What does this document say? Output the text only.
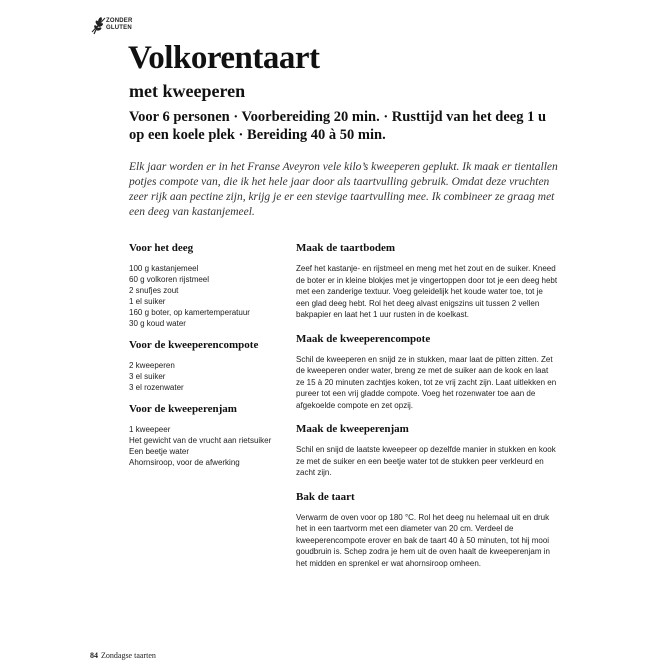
ZONDER
GLUTEN
Volkorentaart
met kweeperen
Voor 6 personen · Voorbereiding 20 min. · Rusttijd van het deeg 1 u op een koele plek · Bereiding 40 à 50 min.
Elk jaar worden er in het Franse Aveyron vele kilo’s kweeperen geplukt. Ik maak er tientallen potjes compote van, die ik het hele jaar door als taartvulling gebruik. Omdat deze vruchten zeer rijk aan pectine zijn, krijg je er een stevige taartvulling mee. Ik combineer ze graag met een deeg van kastanjemeel.
Voor het deeg
100 g kastanjemeel
60 g volkoren rijstmeel
2 snufjes zout
1 el suiker
160 g boter, op kamertemperatuur
30 g koud water
Voor de kweeperencompote
2 kweeperen
3 el suiker
3 el rozenwater
Voor de kweeperenjam
1 kweepeer
Het gewicht van de vrucht aan rietsuiker
Een beetje water
Ahornsiroop, voor de afwerking
Maak de taartbodem

Zeef het kastanje- en rijstmeel en meng met het zout en de suiker. Kneed de boter er in kleine blokjes met je vingertoppen door tot je een deeg hebt met een zanderige textuur. Voeg geleidelijk het koude water toe, tot je een glad deeg hebt. Rol het deeg alvast enigszins uit tussen 2 vellen bakpapier en laat het 1 uur rusten in de koelkast.

Maak de kweeperencompote

Schil de kweeperen en snijd ze in stukken, maar laat de pitten zitten. Zet de kweeperen onder water, breng ze met de suiker aan de kook en laat ze 15 à 20 minuten zachtjes koken, tot ze vrij zacht zijn. Laat uitlekken en pureer tot een vrij gladde compote. Voeg het rozenwater toe aan de afgekoelde compote en zet opzij.

Maak de kweeperenjam

Schil en snijd de laatste kweepeer op dezelfde manier in stukken en kook ze met de suiker en een beetje water tot de stukken peer verkleurd en zacht zijn.

Bak de taart

Verwarm de oven voor op 180 °C. Rol het deeg nu helemaal uit en druk het in een taartvorm met een diameter van 20 cm. Verdeel de kweeperencompote erover en bak de taart 40 à 50 minuten, tot hij mooi goudbruin is. Schep zodra je hem uit de oven haalt de kweeperenjam in het midden en sprenkel er wat ahornsiroop omheen.

84 Zondagse taarten
